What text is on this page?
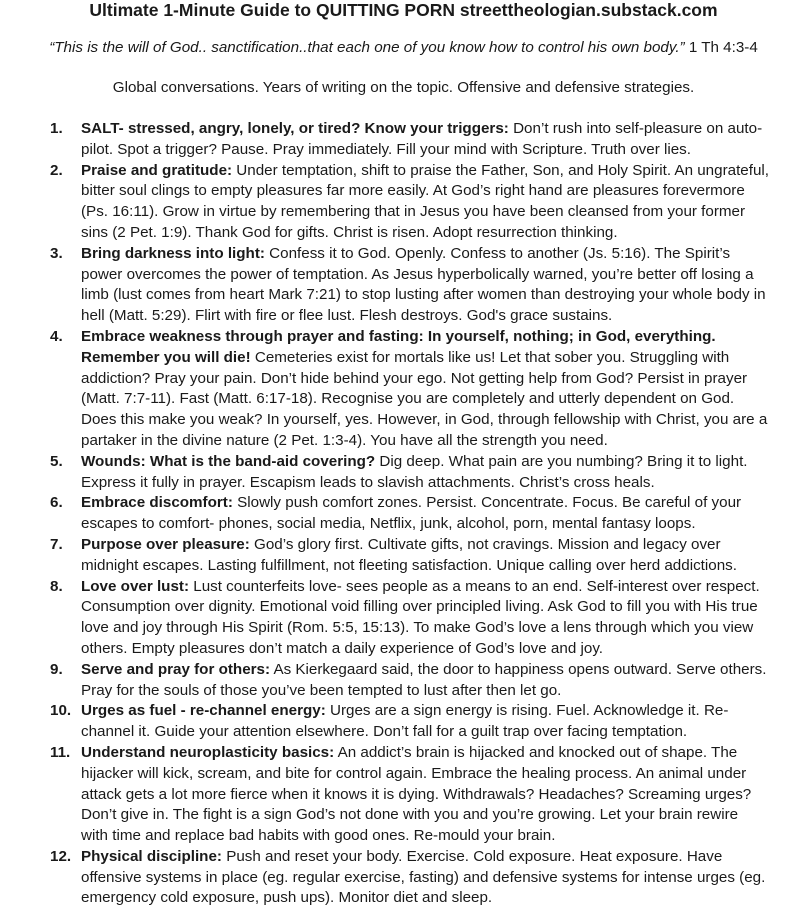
Ultimate 1-Minute Guide to QUITTING PORN streettheologian.substack.com
“This is the will of God.. sanctification..that each one of you know how to control his own body.” 1 Th 4:3-4
Global conversations. Years of writing on the topic. Offensive and defensive strategies.
1.	SALT- stressed, angry, lonely, or tired? Know your triggers: Don’t rush into self-pleasure on auto-pilot. Spot a trigger? Pause. Pray immediately. Fill your mind with Scripture. Truth over lies.
2.	Praise and gratitude: Under temptation, shift to praise the Father, Son, and Holy Spirit. An ungrateful, bitter soul clings to empty pleasures far more easily. At God’s right hand are pleasures forevermore (Ps. 16:11). Grow in virtue by remembering that in Jesus you have been cleansed from your former sins (2 Pet. 1:9). Thank God for gifts. Christ is risen. Adopt resurrection thinking.
3.	Bring darkness into light: Confess it to God. Openly. Confess to another (Js. 5:16). The Spirit’s power overcomes the power of temptation. As Jesus hyperbolically warned, you’re better off losing a limb (lust comes from heart Mark 7:21) to stop lusting after women than destroying your whole body in hell (Matt. 5:29). Flirt with fire or flee lust. Flesh destroys. God's grace sustains.
4.	Embrace weakness through prayer and fasting: In yourself, nothing; in God, everything. Remember you will die! Cemeteries exist for mortals like us! Let that sober you. Struggling with addiction? Pray your pain. Don’t hide behind your ego. Not getting help from God? Persist in prayer (Matt. 7:7-11). Fast (Matt. 6:17-18). Recognise you are completely and utterly dependent on God. Does this make you weak? In yourself, yes. However, in God, through fellowship with Christ, you are a partaker in the divine nature (2 Pet. 1:3-4). You have all the strength you need.
5.	Wounds: What is the band-aid covering? Dig deep. What pain are you numbing? Bring it to light. Express it fully in prayer. Escapism leads to slavish attachments. Christ’s cross heals.
6.	Embrace discomfort: Slowly push comfort zones. Persist. Concentrate. Focus. Be careful of your escapes to comfort- phones, social media, Netflix, junk, alcohol, porn, mental fantasy loops.
7.	Purpose over pleasure: God’s glory first. Cultivate gifts, not cravings. Mission and legacy over midnight escapes. Lasting fulfillment, not fleeting satisfaction. Unique calling over herd addictions.
8.	Love over lust: Lust counterfeits love- sees people as a means to an end. Self-interest over respect. Consumption over dignity. Emotional void filling over principled living. Ask God to fill you with His true love and joy through His Spirit (Rom. 5:5, 15:13). To make God’s love a lens through which you view others. Empty pleasures don’t match a daily experience of God’s love and joy.
9.	Serve and pray for others: As Kierkegaard said, the door to happiness opens outward. Serve others. Pray for the souls of those you’ve been tempted to lust after then let go.
10. Urges as fuel - re-channel energy: Urges are a sign energy is rising. Fuel. Acknowledge it. Re-channel it. Guide your attention elsewhere. Don’t fall for a guilt trap over facing temptation.
11. Understand neuroplasticity basics: An addict’s brain is hijacked and knocked out of shape. The hijacker will kick, scream, and bite for control again. Embrace the healing process. An animal under attack gets a lot more fierce when it knows it is dying. Withdrawals? Headaches? Screaming urges? Don’t give in. The fight is a sign God’s not done with you and you’re growing. Let your brain rewire with time and replace bad habits with good ones. Re-mould your brain.
12. Physical discipline: Push and reset your body. Exercise. Cold exposure. Heat exposure. Have offensive systems in place (eg. regular exercise, fasting) and defensive systems for intense urges (eg. emergency cold exposure, push ups). Monitor diet and sleep.
